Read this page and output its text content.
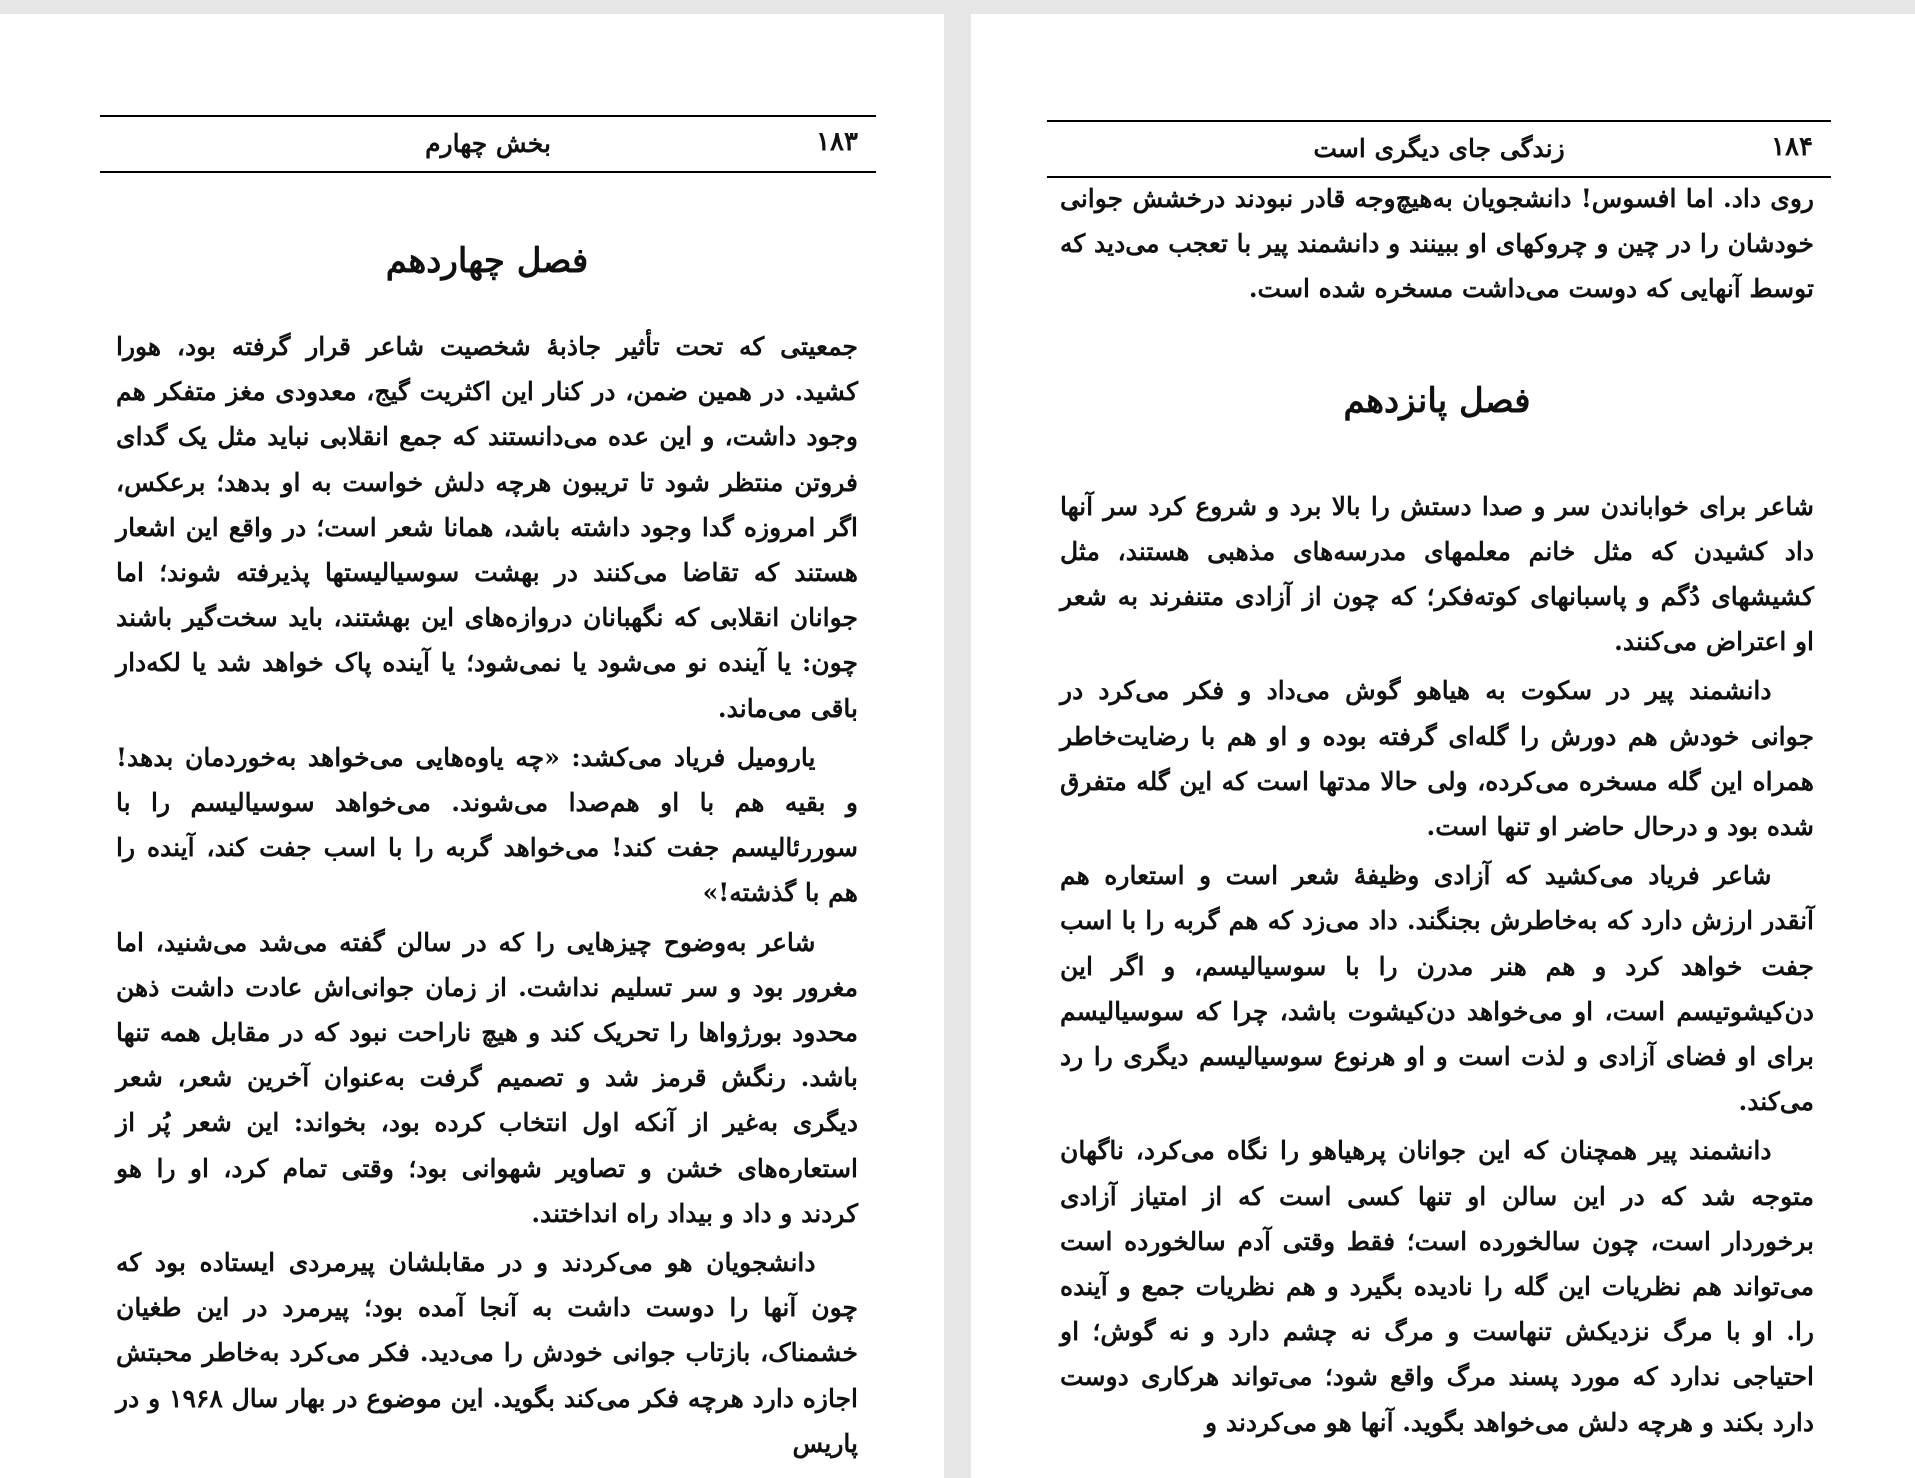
۱۸۳
بخش چهارم
فصل چهاردهم

جمعیتی که تحت تأثیر جاذبهٔ شخصیت شاعر قرار گرفته بود، هورا کشید. در همین ضمن، در کنار این اکثریت گیج، معدودی مغز متفکر هم وجود داشت، و این عده می‌دانستند که جمع انقلابی نباید مثل یک گدای فروتن منتظر شود تا تریبون هرچه دلش خواست به او بدهد؛ برعکس، اگر امروزه گدا وجود داشته باشد، همانا شعر است؛ در واقع این اشعار هستند که تقاضا می‌کنند در بهشت سوسیالیستها پذیرفته شوند؛ اما جوانان انقلابی که نگهبانان دروازه‌های این بهشتند، باید سخت‌گیر باشند چون: یا آینده نو می‌شود یا نمی‌شود؛ یا آینده پاک خواهد شد یا لکه‌دار باقی می‌ماند.

یارومیل فریاد می‌کشد: «چه یاوه‌هایی می‌خواهد به‌خوردمان بدهد! و بقیه هم با او هم‌صدا می‌شوند. می‌خواهد سوسیالیسم را با سوررئالیسم جفت کند! می‌خواهد گربه را با اسب جفت کند، آینده را هم با گذشته!»

شاعر به‌وضوح چیزهایی را که در سالن گفته می‌شد می‌شنید، اما مغرور بود و سر تسلیم نداشت. از زمان جوانی‌اش عادت داشت ذهن محدود بورژواها را تحریک کند و هیچ ناراحت نبود که در مقابل همه تنها باشد. رنگش قرمز شد و تصمیم گرفت به‌عنوان آخرین شعر، شعر دیگری به‌غیر از آنکه اول انتخاب کرده بود، بخواند: این شعر پُر از استعاره‌های خشن و تصاویر شهوانی بود؛ وقتی تمام کرد، او را هو کردند و داد و بیداد راه انداختند.

دانشجویان هو می‌کردند و در مقابلشان پیرمردی ایستاده بود که چون آنها را دوست داشت به آنجا آمده بود؛ پیرمرد در این طغیان خشمناک، بازتاب جوانی خودش را می‌دید. فکر می‌کرد به‌خاطر محبتش اجازه دارد هرچه فکر می‌کند بگوید. این موضوع در بهار سال ۱۹۶۸ و در پاریس

۱۸۴
زندگی جای دیگری است

روی داد. اما افسوس! دانشجویان به‌هیچ‌وجه قادر نبودند درخشش جوانی خودشان را در چین و چروکهای او ببینند و دانشمند پیر با تعجب می‌دید که توسط آنهایی که دوست می‌داشت مسخره شده است.

فصل پانزدهم

شاعر برای خواباندن سر و صدا دستش را بالا برد و شروع کرد سر آنها داد کشیدن که مثل خانم معلمهای مدرسه‌های مذهبی هستند، مثل کشیشهای دُگم و پاسبانهای کوته‌فکر؛ که چون از آزادی متنفرند به شعر او اعتراض می‌کنند.

دانشمند پیر در سکوت به هیاهو گوش می‌داد و فکر می‌کرد در جوانی خودش هم دورش را گله‌ای گرفته بوده و او هم با رضایت‌خاطر همراه این گله مسخره می‌کرده، ولی حالا مدتها است که این گله متفرق شده بود و درحال حاضر او تنها است.

شاعر فریاد می‌کشید که آزادی وظیفهٔ شعر است و استعاره هم آنقدر ارزش دارد که به‌خاطرش بجنگند. داد می‌زد که هم گربه را با اسب جفت خواهد کرد و هم هنر مدرن را با سوسیالیسم، و اگر این دن‌کیشوتیسم است، او می‌خواهد دن‌کیشوت باشد، چرا که سوسیالیسم برای او فضای آزادی و لذت است و او هرنوع سوسیالیسم دیگری را رد می‌کند.

دانشمند پیر همچنان که این جوانان پرهیاهو را نگاه می‌کرد، ناگهان متوجه شد که در این سالن او تنها کسی است که از امتیاز آزادی برخوردار است، چون سالخورده است؛ فقط وقتی آدم سالخورده است می‌تواند هم نظریات این گله را نادیده بگیرد و هم نظریات جمع و آینده را. او با مرگ نزدیکش تنهاست و مرگ نه چشم دارد و نه گوش؛ او احتیاجی ندارد که مورد پسند مرگ واقع شود؛ می‌تواند هرکاری دوست دارد بکند و هرچه دلش می‌خواهد بگوید. آنها هو می‌کردند و
